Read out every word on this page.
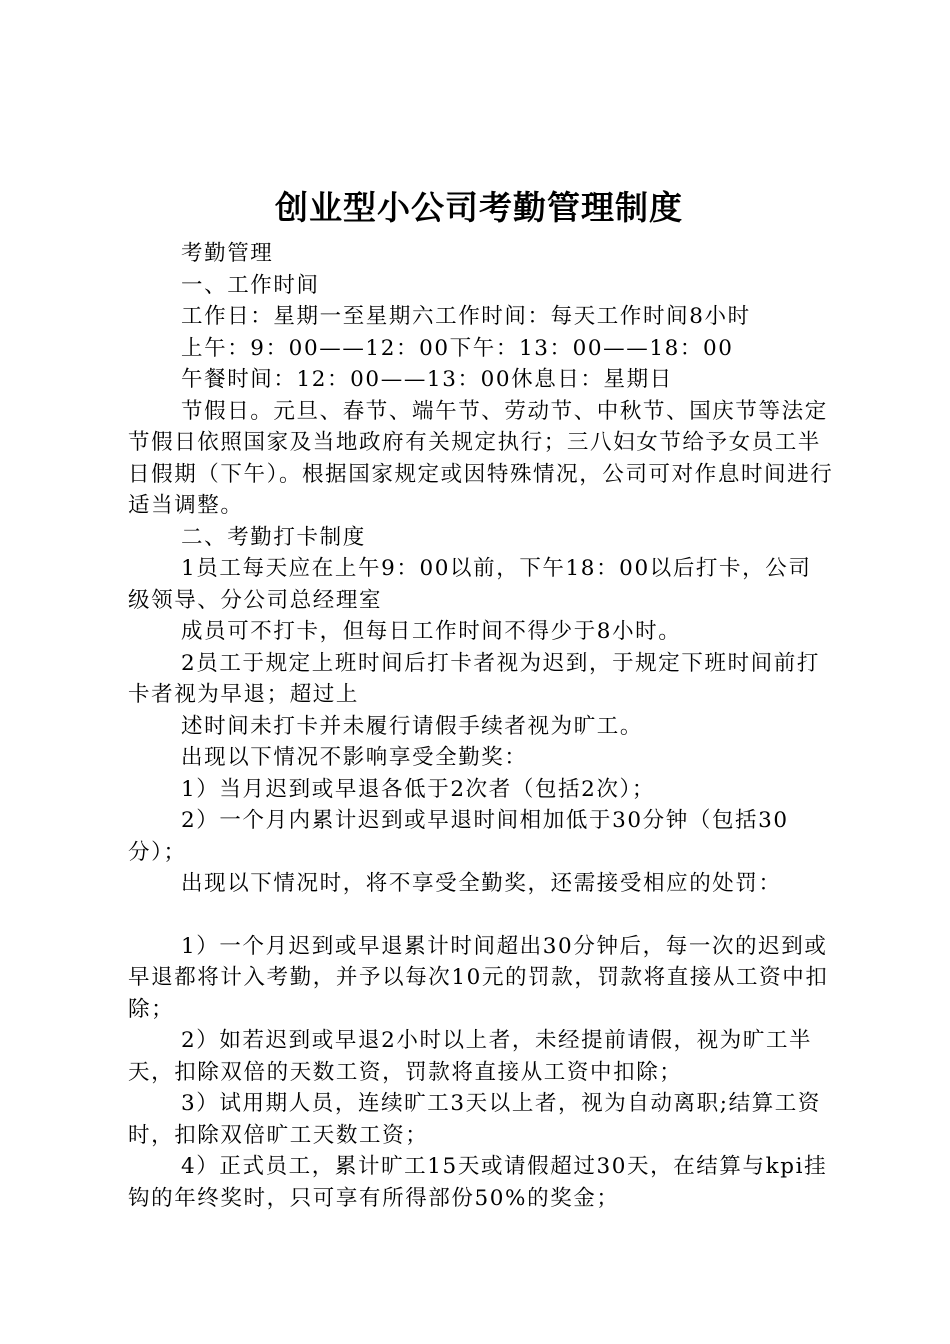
创业型小公司考勤管理制度

考勤管理

一、工作时间

工作日：星期一至星期六工作时间：每天工作时间8小时

上午：9：00——12：00下午：13：00——18：00

午餐时间：12：00——13：00休息日：星期日

节假日。元旦、春节、端午节、劳动节、中秋节、国庆节等法定节假日依照国家及当地政府有关规定执行；三八妇女节给予女员工半日假期（下午）。根据国家规定或因特殊情况，公司可对作息时间进行适当调整。

二、考勤打卡制度

1员工每天应在上午9：00以前，下午18：00以后打卡，公司级领导、分公司总经理室

成员可不打卡，但每日工作时间不得少于8小时。

2员工于规定上班时间后打卡者视为迟到，于规定下班时间前打卡者视为早退；超过上

述时间未打卡并未履行请假手续者视为旷工。

出现以下情况不影响享受全勤奖：

1）当月迟到或早退各低于2次者（包括2次）；

2）一个月内累计迟到或早退时间相加低于30分钟（包括30分）；

出现以下情况时，将不享受全勤奖，还需接受相应的处罚：

1）一个月迟到或早退累计时间超出30分钟后，每一次的迟到或早退都将计入考勤，并予以每次10元的罚款，罚款将直接从工资中扣除；

2）如若迟到或早退2小时以上者，未经提前请假，视为旷工半天，扣除双倍的天数工资，罚款将直接从工资中扣除；

3）试用期人员，连续旷工3天以上者，视为自动离职;结算工资时，扣除双倍旷工天数工资；

4）正式员工，累计旷工15天或请假超过30天，在结算与kpi挂钩的年终奖时，只可享有所得部份50%的奖金；
